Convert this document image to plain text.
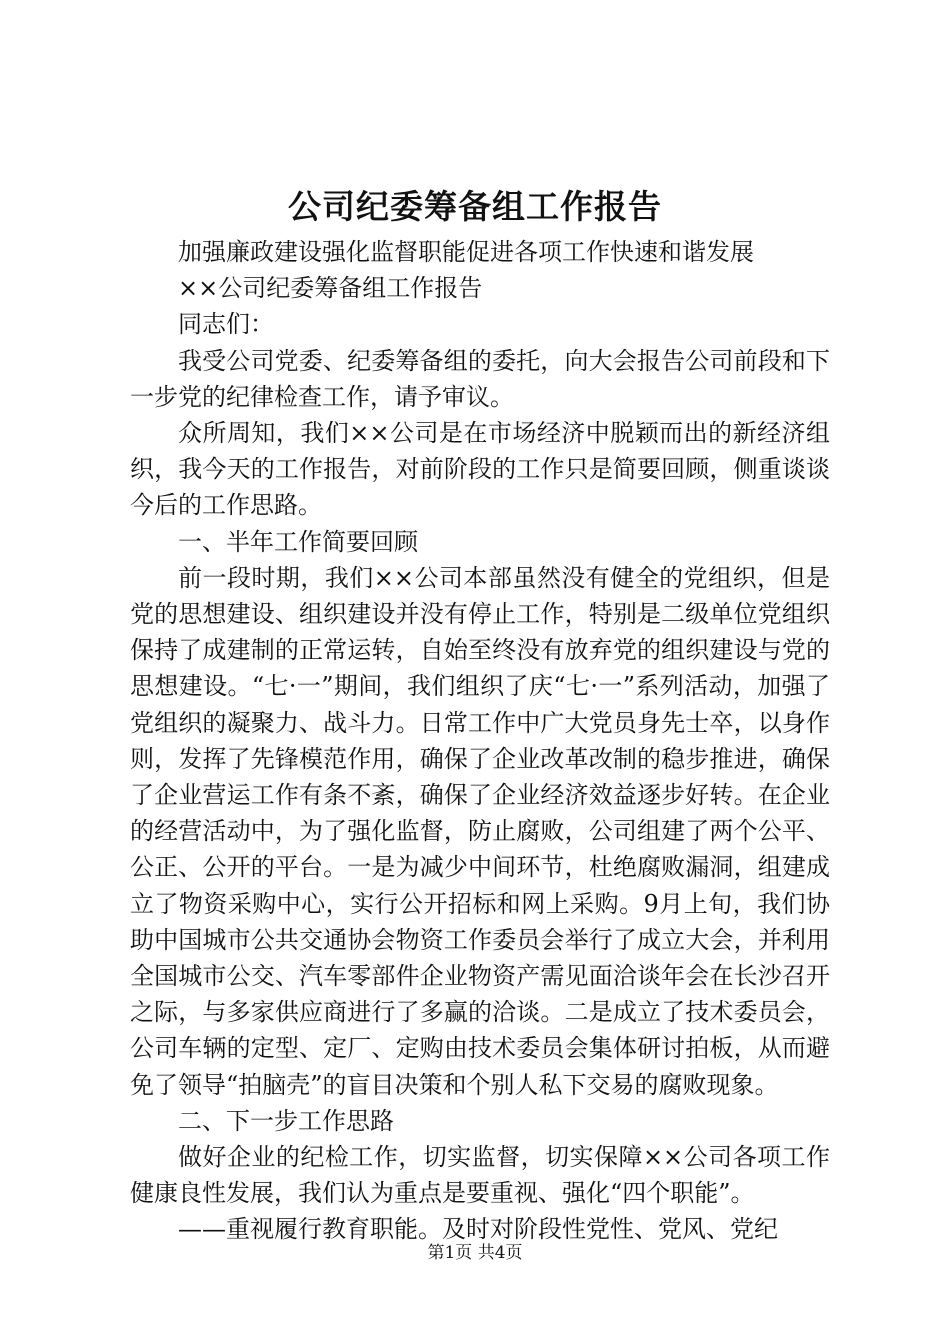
公司纪委筹备组工作报告

加强廉政建设强化监督职能促进各项工作快速和谐发展

××公司纪委筹备组工作报告

同志们：

我受公司党委、纪委筹备组的委托，向大会报告公司前段和下一步党的纪律检查工作，请予审议。

众所周知，我们××公司是在市场经济中脱颖而出的新经济组织，我今天的工作报告，对前阶段的工作只是简要回顾，侧重谈谈今后的工作思路。

一、半年工作简要回顾

前一段时期，我们××公司本部虽然没有健全的党组织，但是党的思想建设、组织建设并没有停止工作，特别是二级单位党组织保持了成建制的正常运转，自始至终没有放弃党的组织建设与党的思想建设。“七·一”期间，我们组织了庆“七·一”系列活动，加强了党组织的凝聚力、战斗力。日常工作中广大党员身先士卒，以身作则，发挥了先锋模范作用，确保了企业改革改制的稳步推进，确保了企业营运工作有条不紊，确保了企业经济效益逐步好转。在企业的经营活动中，为了强化监督，防止腐败，公司组建了两个公平、公正、公开的平台。一是为减少中间环节，杜绝腐败漏洞，组建成立了物资采购中心，实行公开招标和网上采购。9月上旬，我们协助中国城市公共交通协会物资工作委员会举行了成立大会，并利用全国城市公交、汽车零部件企业物资产需见面洽谈年会在长沙召开之际，与多家供应商进行了多赢的洽谈。二是成立了技术委员会，公司车辆的定型、定厂、定购由技术委员会集体研讨拍板，从而避免了领导“拍脑壳”的盲目决策和个别人私下交易的腐败现象。

二、下一步工作思路

做好企业的纪检工作，切实监督，切实保障××公司各项工作健康良性发展，我们认为重点是要重视、强化“四个职能”。

——重视履行教育职能。及时对阶段性党性、党风、党纪

第1页 共4页
